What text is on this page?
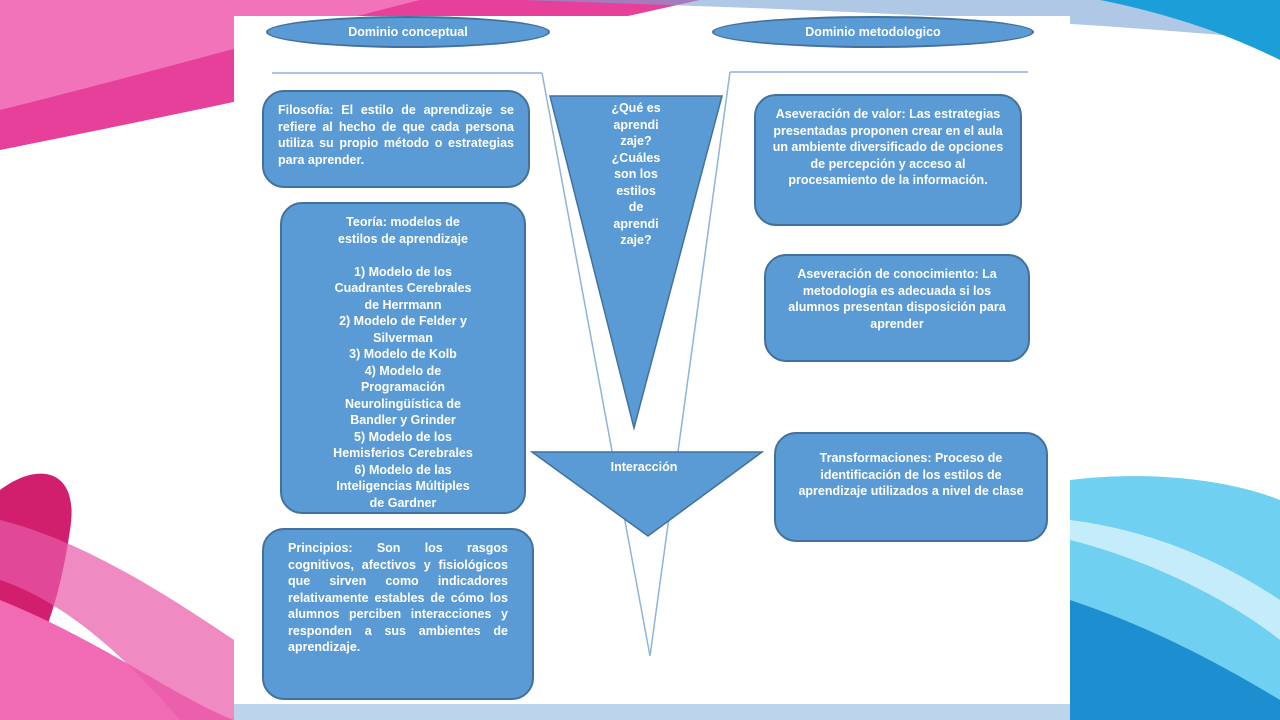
Dominio conceptual	Dominio metodologico
Filosofía: El estilo de aprendizaje se refiere al hecho de que cada persona utiliza su propio método o estrategias para aprender.
Teoría: modelos de
estilos de aprendizaje

1) Modelo de los
Cuadrantes Cerebrales
de Herrmann
2) Modelo de Felder y
Silverman
3) Modelo de Kolb
4) Modelo de
Programación
Neurolingüística de
Bandler y Grinder
5) Modelo de los
Hemisferios Cerebrales
6) Modelo de las
Inteligencias Múltiples
de Gardner
Principios: Son los rasgos cognitivos, afectivos y fisiológicos que sirven como indicadores relativamente estables de cómo los alumnos perciben interacciones y responden a sus ambientes de aprendizaje.
¿Qué es
aprendi
zaje?
¿Cuáles
son los
estilos
de
aprendi
zaje?
Interacción
Aseveración de valor: Las estrategias presentadas proponen crear en el aula un ambiente diversificado de opciones de percepción y acceso al procesamiento de la información.
Aseveración de conocimiento: La metodología es adecuada si los alumnos presentan disposición para aprender
Transformaciones: Proceso de identificación de los estilos de aprendizaje utilizados a nivel de clase
